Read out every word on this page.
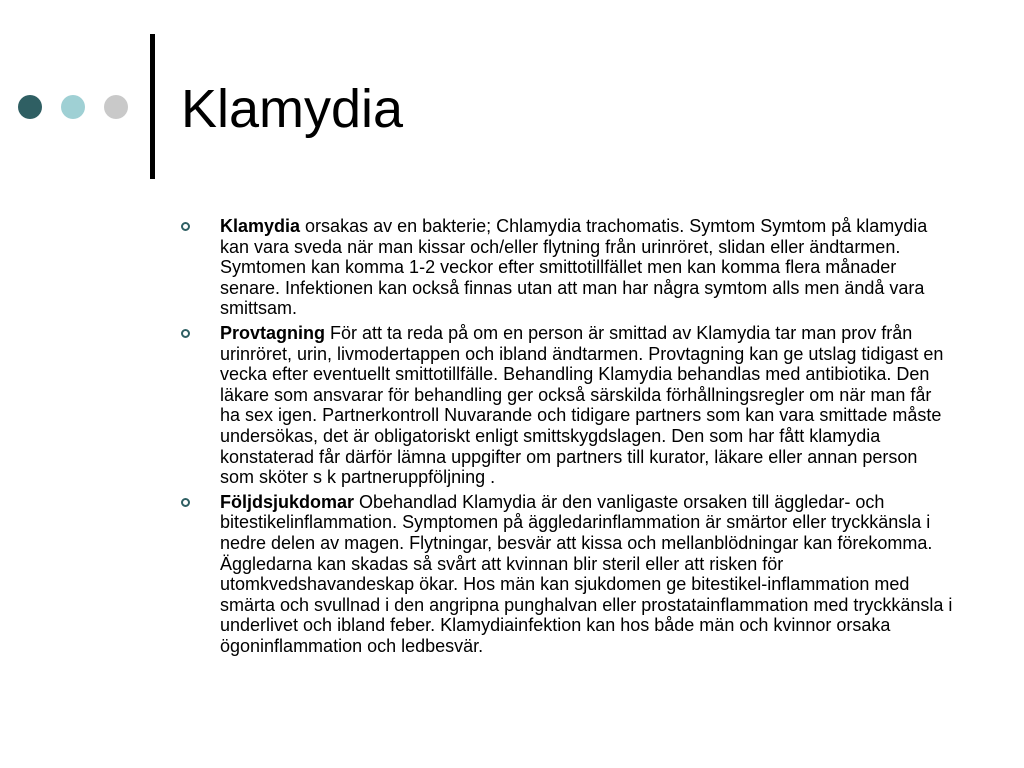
Klamydia
Klamydia orsakas av en bakterie; Chlamydia trachomatis. Symtom Symtom på klamydia kan vara sveda när man kissar och/eller flytning från urinröret, slidan eller ändtarmen. Symtomen kan komma 1-2 veckor efter smittotillfället men kan komma flera månader senare. Infektionen kan också finnas utan att man har några symtom alls men ändå vara smittsam.
Provtagning För att ta reda på om en person är smittad av Klamydia tar man prov från urinröret, urin, livmodertappen och ibland ändtarmen. Provtagning kan ge utslag tidigast en vecka efter eventuellt smittotillfälle. Behandling Klamydia behandlas med antibiotika. Den läkare som ansvarar för behandling ger också särskilda förhållningsregler om när man får ha sex igen. Partnerkontroll Nuvarande och tidigare partners som kan vara smittade måste undersökas, det är obligatoriskt enligt smittskygdslagen. Den som har fått klamydia konstaterad får därför lämna uppgifter om partners till kurator, läkare eller annan person som sköter s k partneruppföljning .
Följdsjukdomar Obehandlad Klamydia är den vanligaste orsaken till äggledar- och bitestikelinflammation. Symptomen på äggledarinflammation är smärtor eller tryckkänsla i nedre delen av magen. Flytningar, besvär att kissa och mellanblödningar kan förekomma. Äggledarna kan skadas så svårt att kvinnan blir steril eller att risken för utomkvedshavandeskap ökar. Hos män kan sjukdomen ge bitestikel-inflammation med smärta och svullnad i den angripna punghalvan eller prostatainflammation med tryckkänsla i underlivet och ibland feber. Klamydiainfektion kan hos både män och kvinnor orsaka ögoninflammation och ledbesvär.
